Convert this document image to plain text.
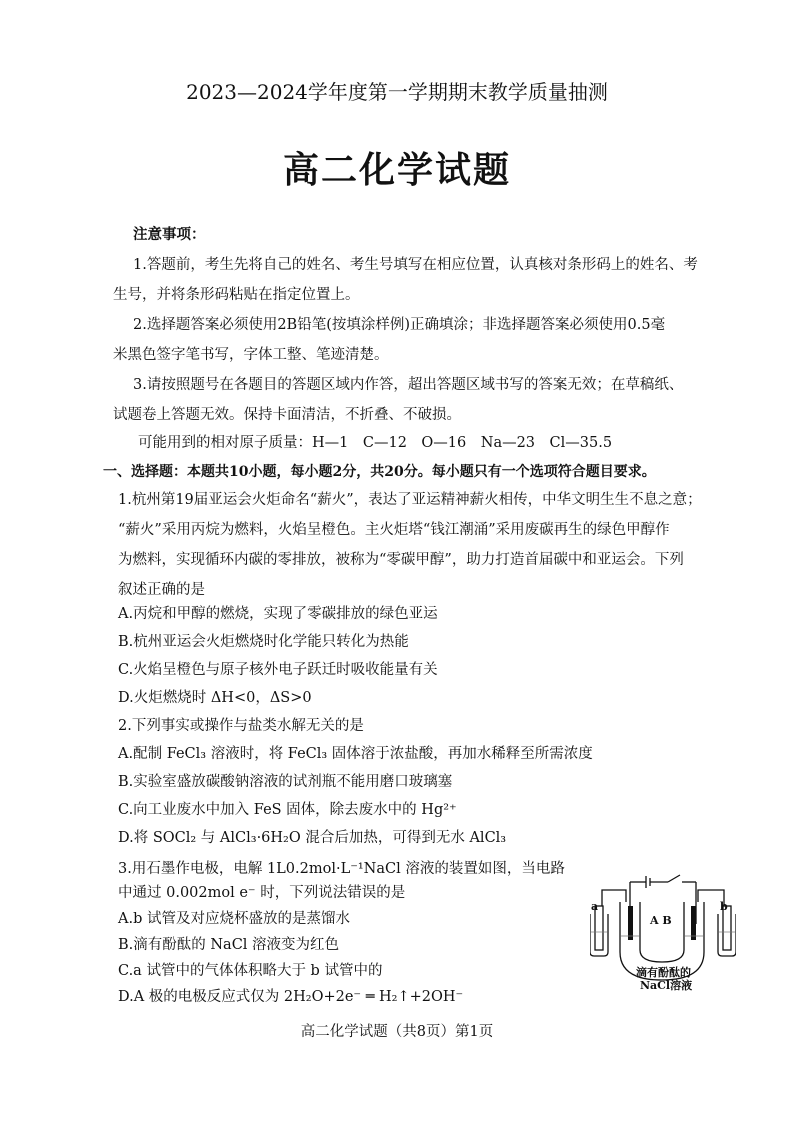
2023—2024学年度第一学期期末教学质量抽测
高二化学试题
注意事项：
1.答题前，考生先将自己的姓名、考生号填写在相应位置，认真核对条形码上的姓名、考
生号，并将条形码粘贴在指定位置上。
2.选择题答案必须使用2B铅笔(按填涂样例)正确填涂；非选择题答案必须使用0.5毫
米黑色签字笔书写，字体工整、笔迹清楚。
3.请按照题号在各题目的答题区域内作答，超出答题区域书写的答案无效；在草稿纸、
试题卷上答题无效。保持卡面清洁，不折叠、不破损。
可能用到的相对原子质量：H—1　C—12　O—16　Na—23　Cl—35.5
一、选择题：本题共10小题，每小题2分，共20分。每小题只有一个选项符合题目要求。
1.杭州第19届亚运会火炬命名“薪火”，表达了亚运精神薪火相传，中华文明生生不息之意；
“薪火”采用丙烷为燃料，火焰呈橙色。主火炬塔“钱江潮涌”采用废碳再生的绿色甲醇作
为燃料，实现循环内碳的零排放，被称为“零碳甲醇”，助力打造首届碳中和亚运会。下列
叙述正确的是
A.丙烷和甲醇的燃烧，实现了零碳排放的绿色亚运
B.杭州亚运会火炬燃烧时化学能只转化为热能
C.火焰呈橙色与原子核外电子跃迁时吸收能量有关
D.火炬燃烧时 ΔH<0，ΔS>0
2.下列事实或操作与盐类水解无关的是
A.配制 FeCl₃ 溶液时，将 FeCl₃ 固体溶于浓盐酸，再加水稀释至所需浓度
B.实验室盛放碳酸钠溶液的试剂瓶不能用磨口玻璃塞
C.向工业废水中加入 FeS 固体，除去废水中的 Hg²⁺
D.将 SOCl₂ 与 AlCl₃·6H₂O 混合后加热，可得到无水 AlCl₃
3.用石墨作电极，电解 1L0.2mol·L⁻¹NaCl 溶液的装置如图，当电路
中通过 0.002mol e⁻ 时，下列说法错误的是
A.b 试管及对应烧杯盛放的是蒸馏水
B.滴有酚酞的 NaCl 溶液变为红色
C.a 试管中的气体体积略大于 b 试管中的
D.A 极的电极反应式仅为 2H₂O+2e⁻ ═ H₂↑+2OH⁻
a	b
A B
滴有酚酞的
NaCl溶液
高二化学试题（共8页）第1页
